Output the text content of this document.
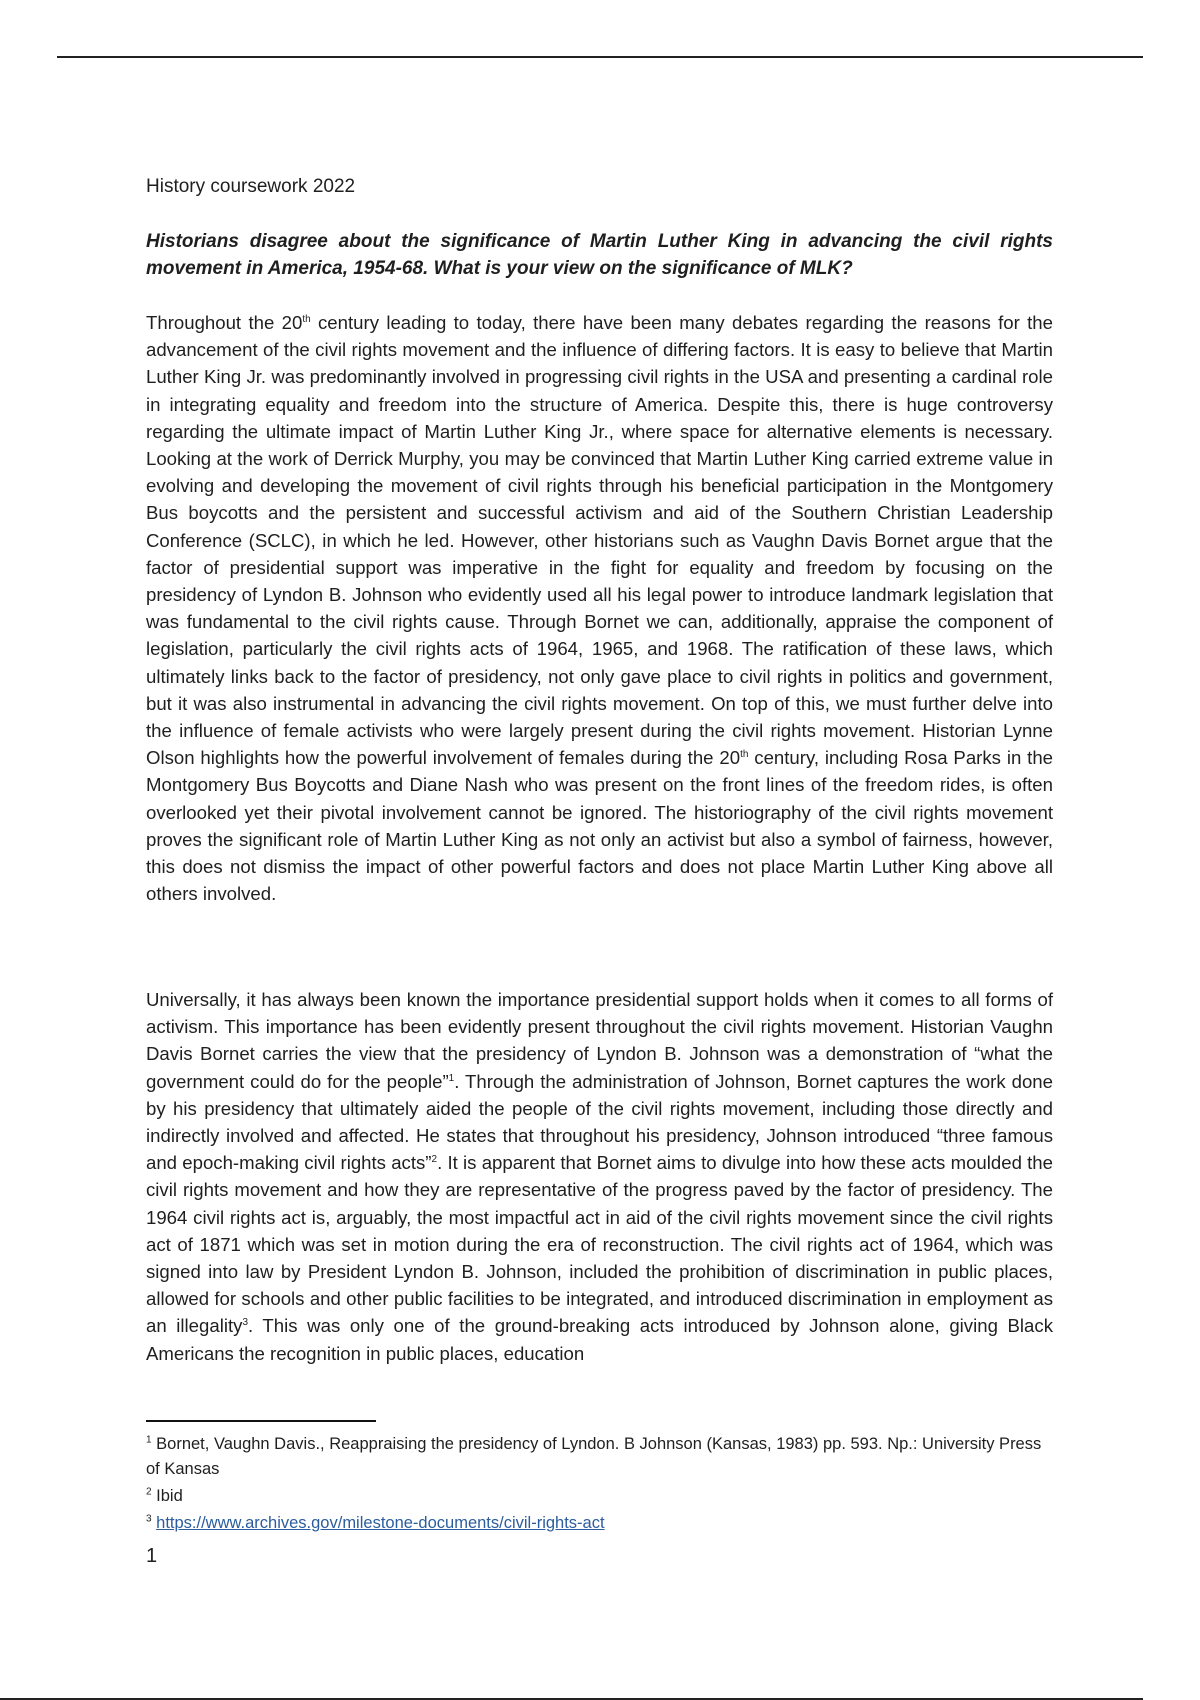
History coursework 2022
Historians disagree about the significance of Martin Luther King in advancing the civil rights movement in America, 1954-68. What is your view on the significance of MLK?

Throughout the 20th century leading to today, there have been many debates regarding the reasons for the advancement of the civil rights movement and the influence of differing factors. It is easy to believe that Martin Luther King Jr. was predominantly involved in progressing civil rights in the USA and presenting a cardinal role in integrating equality and freedom into the structure of America. Despite this, there is huge controversy regarding the ultimate impact of Martin Luther King Jr., where space for alternative elements is necessary. Looking at the work of Derrick Murphy, you may be convinced that Martin Luther King carried extreme value in evolving and developing the movement of civil rights through his beneficial participation in the Montgomery Bus boycotts and the persistent and successful activism and aid of the Southern Christian Leadership Conference (SCLC), in which he led. However, other historians such as Vaughn Davis Bornet argue that the factor of presidential support was imperative in the fight for equality and freedom by focusing on the presidency of Lyndon B. Johnson who evidently used all his legal power to introduce landmark legislation that was fundamental to the civil rights cause. Through Bornet we can, additionally, appraise the component of legislation, particularly the civil rights acts of 1964, 1965, and 1968. The ratification of these laws, which ultimately links back to the factor of presidency, not only gave place to civil rights in politics and government, but it was also instrumental in advancing the civil rights movement. On top of this, we must further delve into the influence of female activists who were largely present during the civil rights movement. Historian Lynne Olson highlights how the powerful involvement of females during the 20th century, including Rosa Parks in the Montgomery Bus Boycotts and Diane Nash who was present on the front lines of the freedom rides, is often overlooked yet their pivotal involvement cannot be ignored. The historiography of the civil rights movement proves the significant role of Martin Luther King as not only an activist but also a symbol of fairness, however, this does not dismiss the impact of other powerful factors and does not place Martin Luther King above all others involved.

Universally, it has always been known the importance presidential support holds when it comes to all forms of activism. This importance has been evidently present throughout the civil rights movement. Historian Vaughn Davis Bornet carries the view that the presidency of Lyndon B. Johnson was a demonstration of “what the government could do for the people”$^1$. Through the administration of Johnson, Bornet captures the work done by his presidency that ultimately aided the people of the civil rights movement, including those directly and indirectly involved and affected. He states that throughout his presidency, Johnson introduced “three famous and epoch-making civil rights acts”$^2$. It is apparent that Bornet aims to divulge into how these acts moulded the civil rights movement and how they are representative of the progress paved by the factor of presidency. The 1964 civil rights act is, arguably, the most impactful act in aid of the civil rights movement since the civil rights act of 1871 which was set in motion during the era of reconstruction. The civil rights act of 1964, which was signed into law by President Lyndon B. Johnson, included the prohibition of discrimination in public places, allowed for schools and other public facilities to be integrated, and introduced discrimination in employment as an illegality$^3$. This was only one of the ground-breaking acts introduced by Johnson alone, giving Black Americans the recognition in public places, education

$^1$ Bornet, Vaughn Davis., Reappraising the presidency of Lyndon. B Johnson (Kansas, 1983) pp. 593. Np.: University Press of Kansas

$^2$ Ibid

$^3$ https://www.archives.gov/milestone-documents/civil-rights-act

1
